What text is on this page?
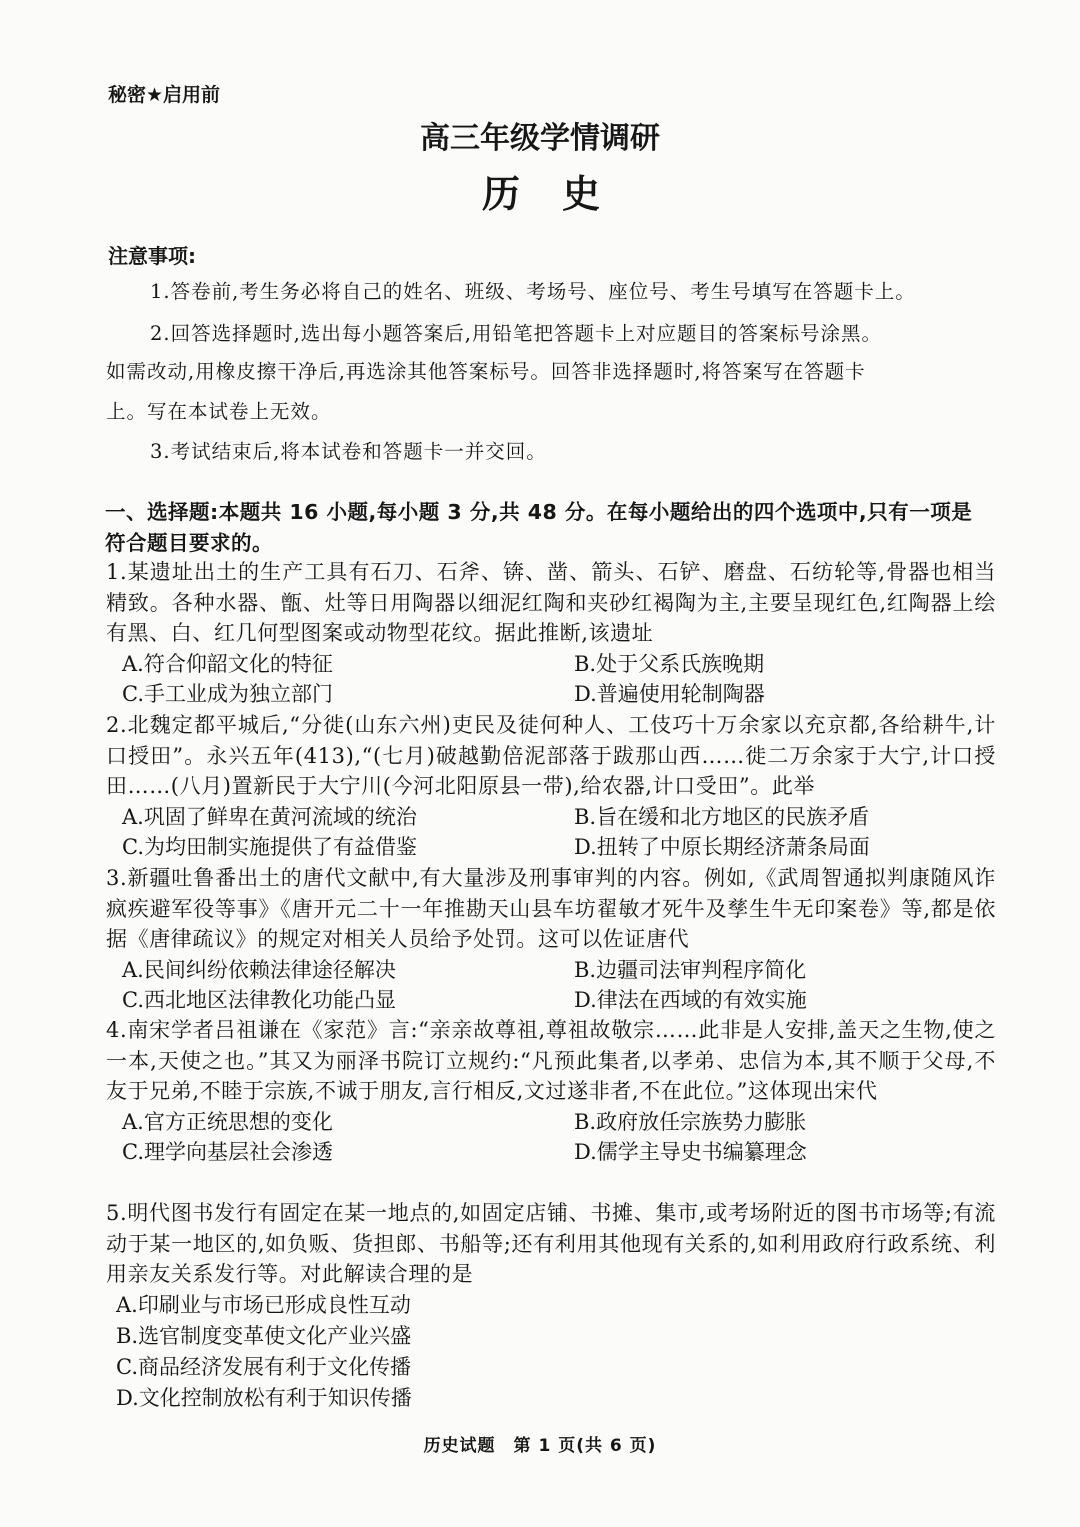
秘密★启用前
高三年级学情调研
历史
注意事项:
1.答卷前,考生务必将自己的姓名、班级、考场号、座位号、考生号填写在答题卡上。
2.回答选择题时,选出每小题答案后,用铅笔把答题卡上对应题目的答案标号涂黑。
如需改动,用橡皮擦干净后,再选涂其他答案标号。回答非选择题时,将答案写在答题卡
上。写在本试卷上无效。
3.考试结束后,将本试卷和答题卡一并交回。
一、选择题:本题共 16 小题,每小题 3 分,共 48 分。在每小题给出的四个选项中,只有一项是符合题目要求的。
1.某遗址出土的生产工具有石刀、石斧、锛、凿、箭头、石铲、磨盘、石纺轮等,骨器也相当精致。各种水器、甑、灶等日用陶器以细泥红陶和夹砂红褐陶为主,主要呈现红色,红陶器上绘有黑、白、红几何型图案或动物型花纹。据此推断,该遗址
A.符合仰韶文化的特征	B.处于父系氏族晚期
C.手工业成为独立部门	D.普遍使用轮制陶器
2.北魏定都平城后,“分徙(山东六州)吏民及徒何种人、工伎巧十万余家以充京都,各给耕牛,计口授田”。永兴五年(413),“(七月)破越勤倍泥部落于跋那山西……徙二万余家于大宁,计口授田……(八月)置新民于大宁川(今河北阳原县一带),给农器,计口受田”。此举
A.巩固了鲜卑在黄河流域的统治	B.旨在缓和北方地区的民族矛盾
C.为均田制实施提供了有益借鉴	D.扭转了中原长期经济萧条局面
3.新疆吐鲁番出土的唐代文献中,有大量涉及刑事审判的内容。例如,《武周智通拟判康随风诈疯疾避军役等事》《唐开元二十一年推勘天山县车坊翟敏才死牛及孳生牛无印案卷》等,都是依据《唐律疏议》的规定对相关人员给予处罚。这可以佐证唐代
A.民间纠纷依赖法律途径解决	B.边疆司法审判程序简化
C.西北地区法律教化功能凸显	D.律法在西域的有效实施
4.南宋学者吕祖谦在《家范》言:“亲亲故尊祖,尊祖故敬宗……此非是人安排,盖天之生物,使之一本,天使之也。”其又为丽泽书院订立规约:“凡预此集者,以孝弟、忠信为本,其不顺于父母,不友于兄弟,不睦于宗族,不诚于朋友,言行相反,文过遂非者,不在此位。”这体现出宋代
A.官方正统思想的变化	B.政府放任宗族势力膨胀
C.理学向基层社会渗透	D.儒学主导史书编纂理念
5.明代图书发行有固定在某一地点的,如固定店铺、书摊、集市,或考场附近的图书市场等;有流动于某一地区的,如负贩、货担郎、书船等;还有利用其他现有关系的,如利用政府行政系统、利用亲友关系发行等。对此解读合理的是
A.印刷业与市场已形成良性互动
B.选官制度变革使文化产业兴盛
C.商品经济发展有利于文化传播
D.文化控制放松有利于知识传播
历史试题　第 1 页(共 6 页)
